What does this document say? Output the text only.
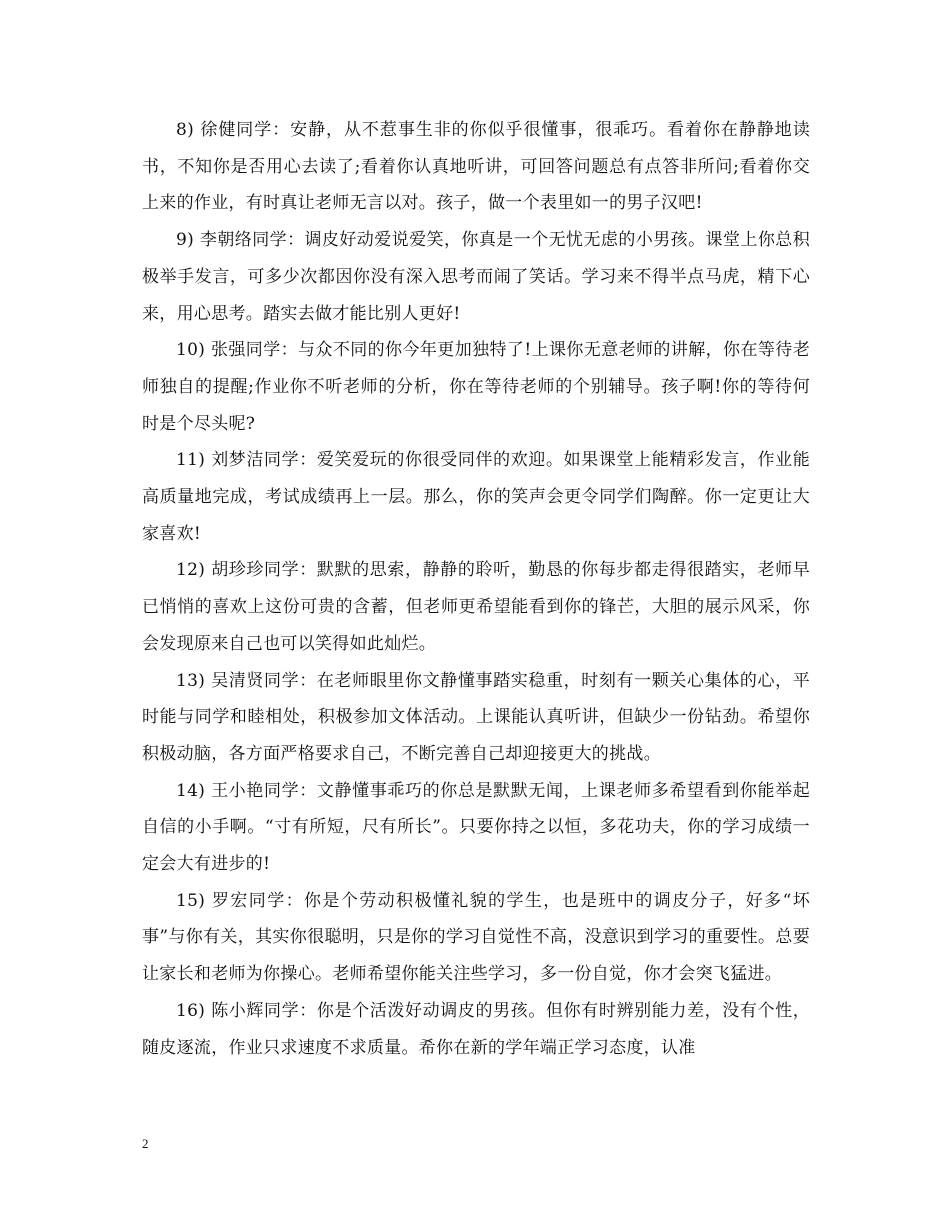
8) 徐健同学：安静，从不惹事生非的你似乎很懂事，很乖巧。看着你在静静地读书，不知你是否用心去读了;看着你认真地听讲，可回答问题总有点答非所问;看着你交上来的作业，有时真让老师无言以对。孩子，做一个表里如一的男子汉吧!

9) 李朝络同学：调皮好动爱说爱笑，你真是一个无忧无虑的小男孩。课堂上你总积极举手发言，可多少次都因你没有深入思考而闹了笑话。学习来不得半点马虎，精下心来，用心思考。踏实去做才能比别人更好!

10) 张强同学：与众不同的你今年更加独特了!上课你无意老师的讲解，你在等待老师独自的提醒;作业你不听老师的分析，你在等待老师的个别辅导。孩子啊!你的等待何时是个尽头呢?

11) 刘梦洁同学：爱笑爱玩的你很受同伴的欢迎。如果课堂上能精彩发言，作业能高质量地完成，考试成绩再上一层。那么，你的笑声会更令同学们陶醉。你一定更让大家喜欢!

12) 胡珍珍同学：默默的思索，静静的聆听，勤恳的你每步都走得很踏实，老师早已悄悄的喜欢上这份可贵的含蓄，但老师更希望能看到你的锋芒，大胆的展示风采，你会发现原来自己也可以笑得如此灿烂。

13) 吴清贤同学：在老师眼里你文静懂事踏实稳重，时刻有一颗关心集体的心，平时能与同学和睦相处，积极参加文体活动。上课能认真听讲，但缺少一份钻劲。希望你积极动脑，各方面严格要求自己，不断完善自己却迎接更大的挑战。

14) 王小艳同学：文静懂事乖巧的你总是默默无闻，上课老师多希望看到你能举起自信的小手啊。“寸有所短，尺有所长”。只要你持之以恒，多花功夫，你的学习成绩一定会大有进步的!

15) 罗宏同学：你是个劳动积极懂礼貌的学生，也是班中的调皮分子，好多“坏事”与你有关，其实你很聪明，只是你的学习自觉性不高，没意识到学习的重要性。总要让家长和老师为你操心。老师希望你能关注些学习，多一份自觉，你才会突飞猛进。

16) 陈小辉同学：你是个活泼好动调皮的男孩。但你有时辨别能力差，没有个性，随皮逐流，作业只求速度不求质量。希你在新的学年端正学习态度，认准

2
